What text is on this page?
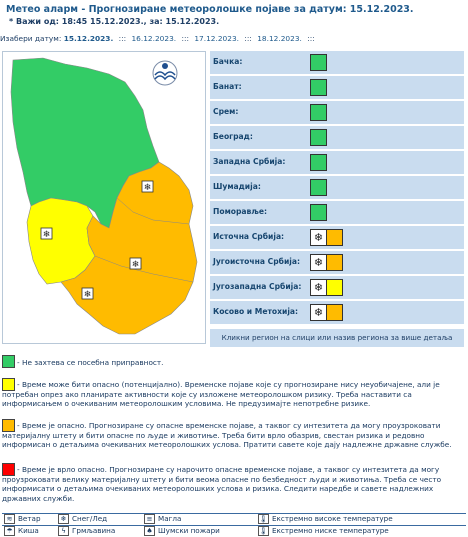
Метео аларм - Прогнозиране метеоролошке појаве за датум: 15.12.2023.
* Важи од: 18:45 15.12.2023., за: 15.12.2023.
Изабери датум: 15.12.2023. ::: 16.12.2023. ::: 17.12.2023. ::: 18.12.2023. :::
❄
❄
❄
❄
Бачка:
Банат:
Срем:
Београд:
Западна Србија:
Шумадија:
Поморавље:
Источна Србија:	❄
Југоисточна Србија:	❄
Југозападна Србија:	❄
Косово и Метохија:	❄
Кликни регион на слици или назив региона за више детаља
- Не захтева се посебна приправност.
- Време може бити опасно (потенцијално). Временске појаве које су прогнозиране нису неуобичајене, али је потребан опрез ако планирате активности које су изложене метеоролошком ризику. Треба наставити са информисањем о очекиваним метеоролошким условима. Не предузимајте непотребне ризике.
- Време је опасно. Прогнозиране су опасне временске појаве, а таквог су интезитета да могу проузроковати материјалну штету и бити опасне по људе и животиње. Треба бити врло обазрив, свестан ризика и редовно информисан о детаљима очекиваних метеоролошких услова. Пратити савете које дају надлежне државне службе.
- Време је врло опасно. Прогнозиране су нарочито опасне временске појаве, а таквог су интезитета да могу проузроковати велику материјалну штету и бити веома опасне по безбедност људи и животиња. Треба се често информисати о детаљима очекиваних метеоролошких услова и ризика. Следити наредбе и савете надлежних државних служби.
≋ Ветар	❄ Снег/Лед	≡ Магла	🌡 Екстремно високе температуре
☂ Киша	ϟ Грмљавина	♠ Шумски пожари	🌡 Екстремно ниске температуре
